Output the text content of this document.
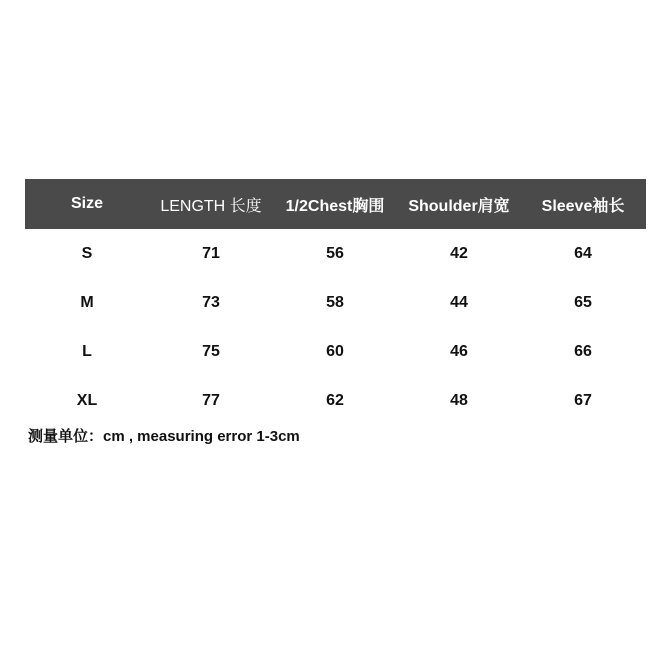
Size	LENGTH 长度	1/2Chest胸围	Shoulder肩宽	Sleeve袖长
S	71	56	42	64
M	73	58	44	65
L	75	60	46	66
XL	77	62	48	67
测量单位：cm , measuring error 1-3cm
